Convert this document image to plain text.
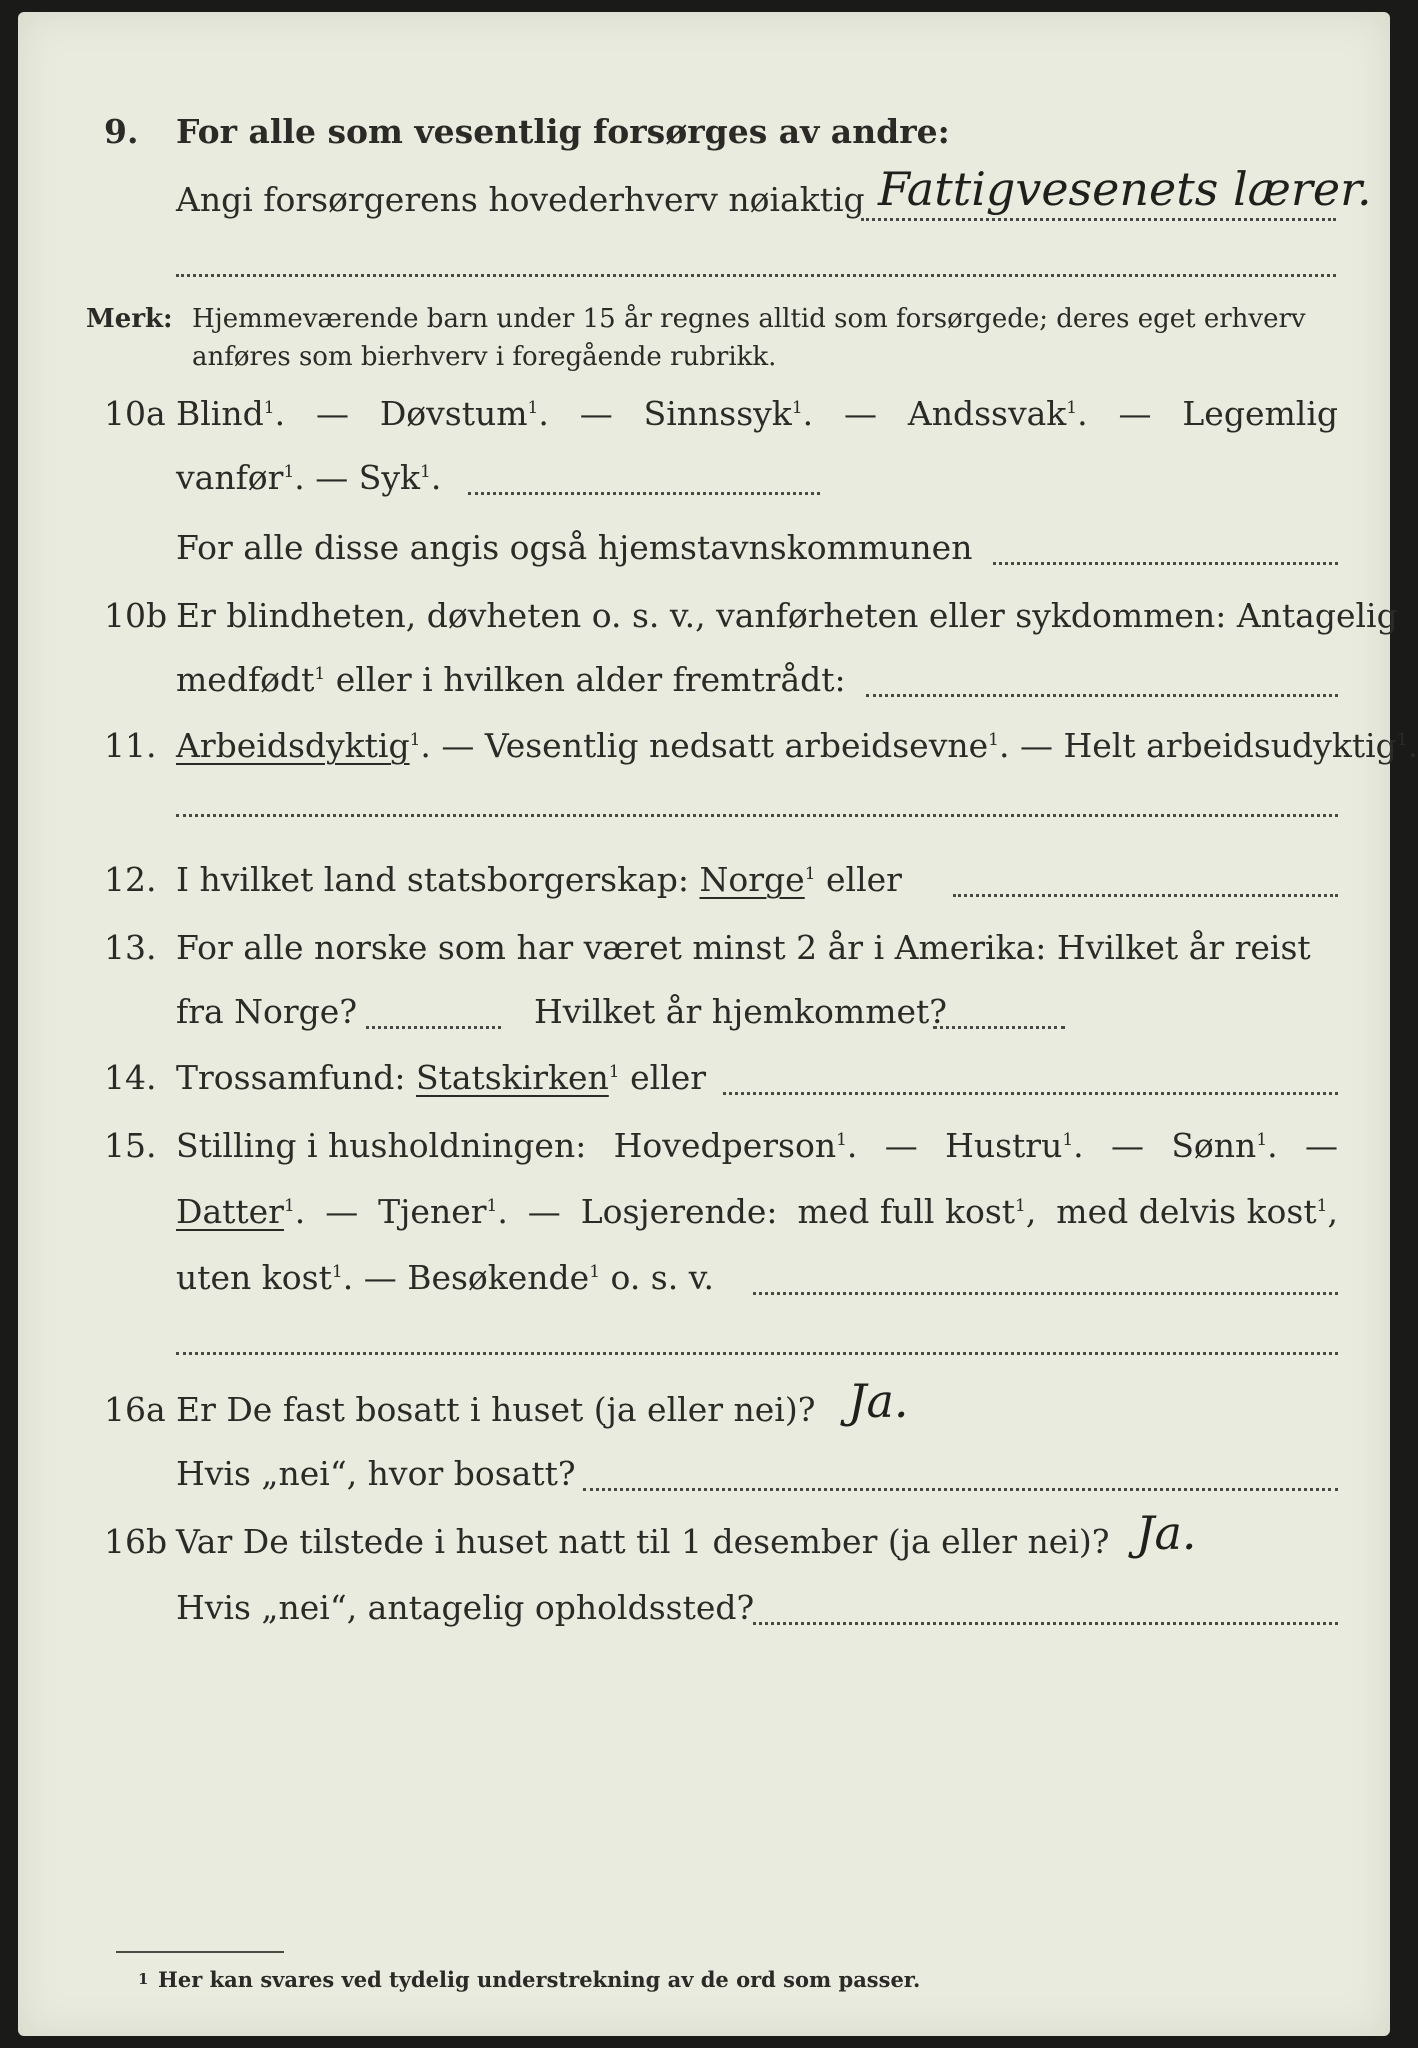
9. For alle som vesentlig forsørges av andre:
Angi forsørgerens hovederhverv nøiaktig Fattigvesenets lærer.
Merk: Hjemmeværende barn under 15 år regnes alltid som forsørgede; deres eget erhverv
anføres som bierhverv i foregående rubrikk.
10a Blind$^1$. — Døvstum$^1$. — Sinnssyk$^1$. — Andssvak$^1$. — Legemlig
vanfør$^1$. — Syk$^1$.
For alle disse angis også hjemstavnskommunen
10b Er blindheten, døvheten o. s. v., vanførheten eller sykdommen: Antagelig
medfødt$^1$ eller i hvilken alder fremtrådt:
11. Arbeidsdyktig$^1$. — Vesentlig nedsatt arbeidsevne$^1$. — Helt arbeidsudyktig$^1$.
12. I hvilket land statsborgerskap: Norge$^1$ eller
13. For alle norske som har været minst 2 år i Amerika: Hvilket år reist
fra Norge?	Hvilket år hjemkommet?
14. Trossamfund: Statskirken$^1$ eller
15. Stilling i husholdningen: Hovedperson$^1$. — Hustru$^1$. — Sønn$^1$. —
Datter$^1$. — Tjener$^1$. — Losjerende: med full kost$^1$, med delvis kost$^1$,
uten kost$^1$. — Besøkende$^1$ o. s. v.
16a Er De fast bosatt i huset (ja eller nei)? Ja.
Hvis „nei“, hvor bosatt?
16b Var De tilstede i huset natt til 1 desember (ja eller nei)? Ja.
Hvis „nei“, antagelig opholdssted?
1 Her kan svares ved tydelig understrekning av de ord som passer.
